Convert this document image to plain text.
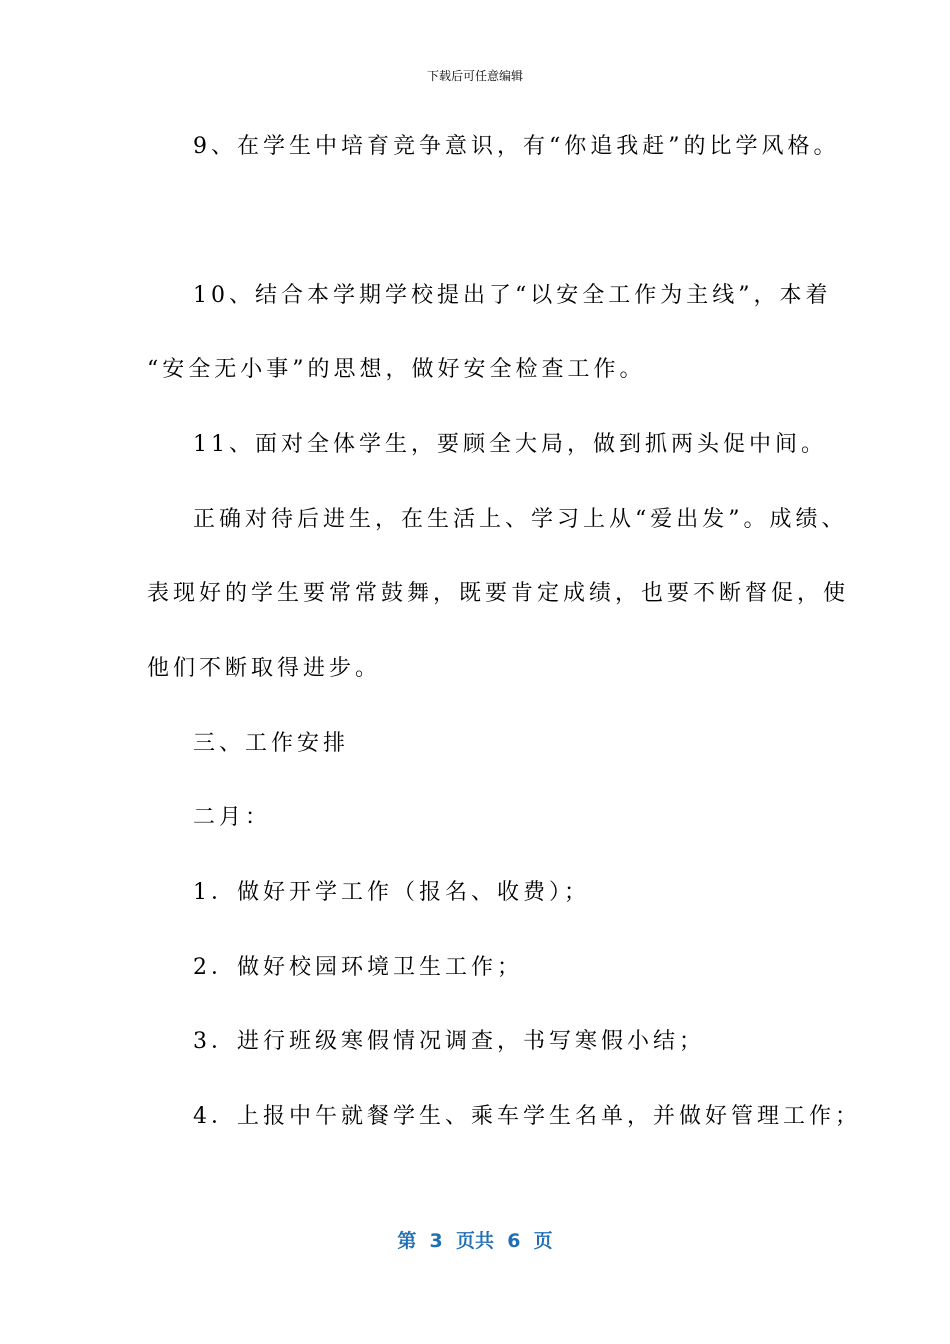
下载后可任意编辑
9、在学生中培育竞争意识，有“你追我赶”的比学风格。
10、结合本学期学校提出了“以安全工作为主线”，本着
“安全无小事”的思想，做好安全检查工作。
11、面对全体学生，要顾全大局，做到抓两头促中间。
正确对待后进生，在生活上、学习上从“爱出发”。成绩、
表现好的学生要常常鼓舞，既要肯定成绩，也要不断督促，使
他们不断取得进步。
三、工作安排
二月：
1．做好开学工作（报名、收费）；
2．做好校园环境卫生工作；
3．进行班级寒假情况调查，书写寒假小结；
4．上报中午就餐学生、乘车学生名单，并做好管理工作；
第  3  页共  6  页
